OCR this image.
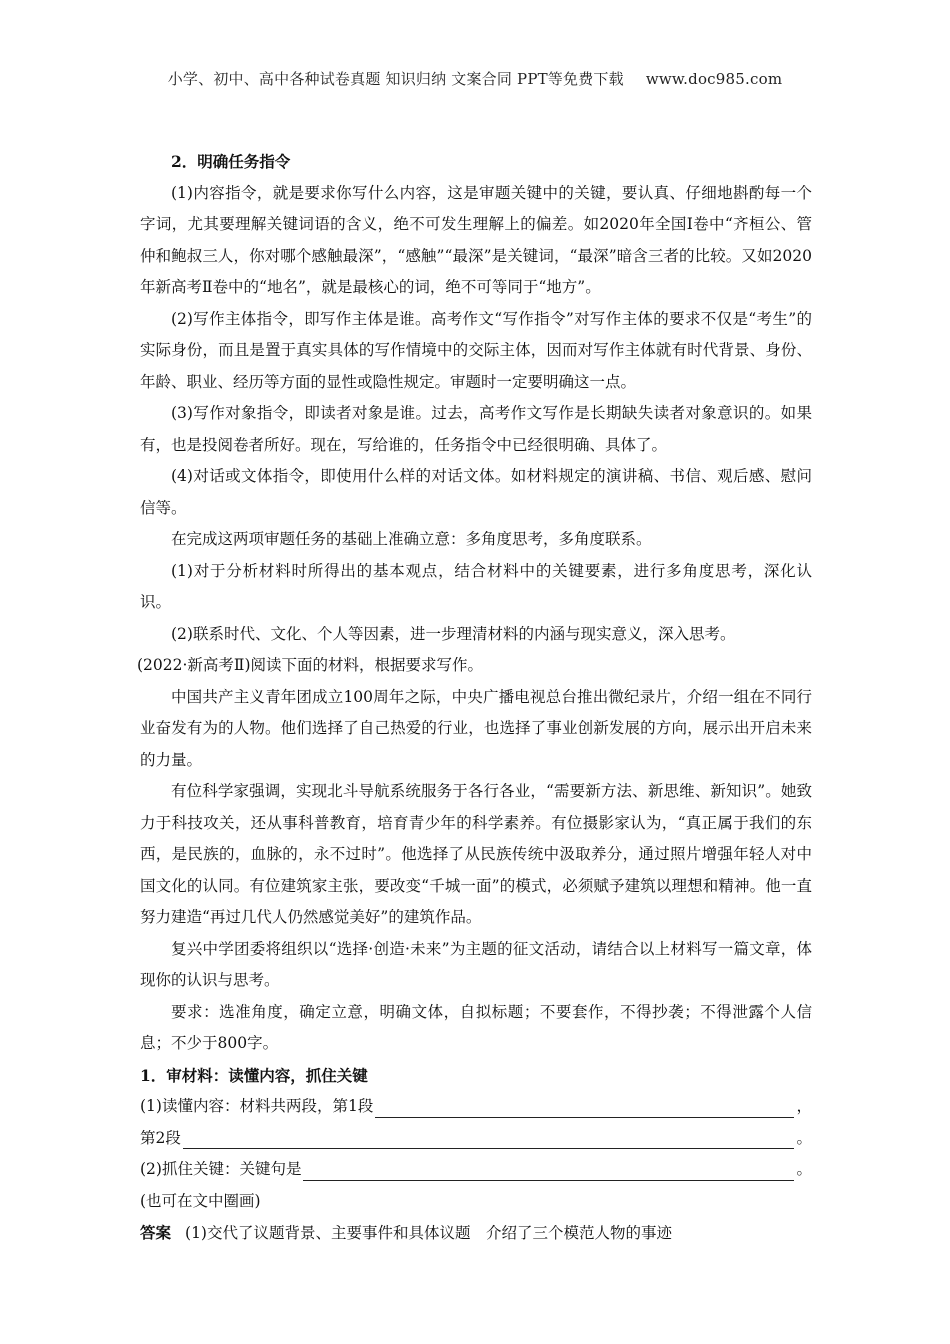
小学、初中、高中各种试卷真题 知识归纳 文案合同 PPT等免费下载 www.doc985.com

2．明确任务指令

(1)内容指令，就是要求你写什么内容，这是审题关键中的关键，要认真、仔细地斟酌每一个字词，尤其要理解关键词语的含义，绝不可发生理解上的偏差。如2020年全国Ⅰ卷中“齐桓公、管仲和鲍叔三人，你对哪个感触最深”，“感触”“最深”是关键词，“最深”暗含三者的比较。又如2020年新高考Ⅱ卷中的“地名”，就是最核心的词，绝不可等同于“地方”。

(2)写作主体指令，即写作主体是谁。高考作文“写作指令”对写作主体的要求不仅是“考生”的实际身份，而且是置于真实具体的写作情境中的交际主体，因而对写作主体就有时代背景、身份、年龄、职业、经历等方面的显性或隐性规定。审题时一定要明确这一点。

(3)写作对象指令，即读者对象是谁。过去，高考作文写作是长期缺失读者对象意识的。如果有，也是投阅卷者所好。现在，写给谁的，任务指令中已经很明确、具体了。

(4)对话或文体指令，即使用什么样的对话文体。如材料规定的演讲稿、书信、观后感、慰问信等。

在完成这两项审题任务的基础上准确立意：多角度思考，多角度联系。

(1)对于分析材料时所得出的基本观点，结合材料中的关键要素，进行多角度思考，深化认识。

(2)联系时代、文化、个人等因素，进一步理清材料的内涵与现实意义，深入思考。

(2022·新高考Ⅱ)阅读下面的材料，根据要求写作。

中国共产主义青年团成立100周年之际，中央广播电视总台推出微纪录片，介绍一组在不同行业奋发有为的人物。他们选择了自己热爱的行业，也选择了事业创新发展的方向，展示出开启未来的力量。

有位科学家强调，实现北斗导航系统服务于各行各业，“需要新方法、新思维、新知识”。她致力于科技攻关，还从事科普教育，培育青少年的科学素养。有位摄影家认为，“真正属于我们的东西，是民族的，血脉的，永不过时”。他选择了从民族传统中汲取养分，通过照片增强年轻人对中国文化的认同。有位建筑家主张，要改变“千城一面”的模式，必须赋予建筑以理想和精神。他一直努力建造“再过几代人仍然感觉美好”的建筑作品。

复兴中学团委将组织以“选择·创造·未来”为主题的征文活动，请结合以上材料写一篇文章，体现你的认识与思考。

要求：选准角度，确定立意，明确文体，自拟标题；不要套作，不得抄袭；不得泄露个人信息；不少于800字。

1．审材料：读懂内容，抓住关键

(1)读懂内容：材料共两段，第1段	，
第2段	。
(2)抓住关键：关键句是	。

(也可在文中圈画)

答案 (1)交代了议题背景、主要事件和具体议题　介绍了三个模范人物的事迹
